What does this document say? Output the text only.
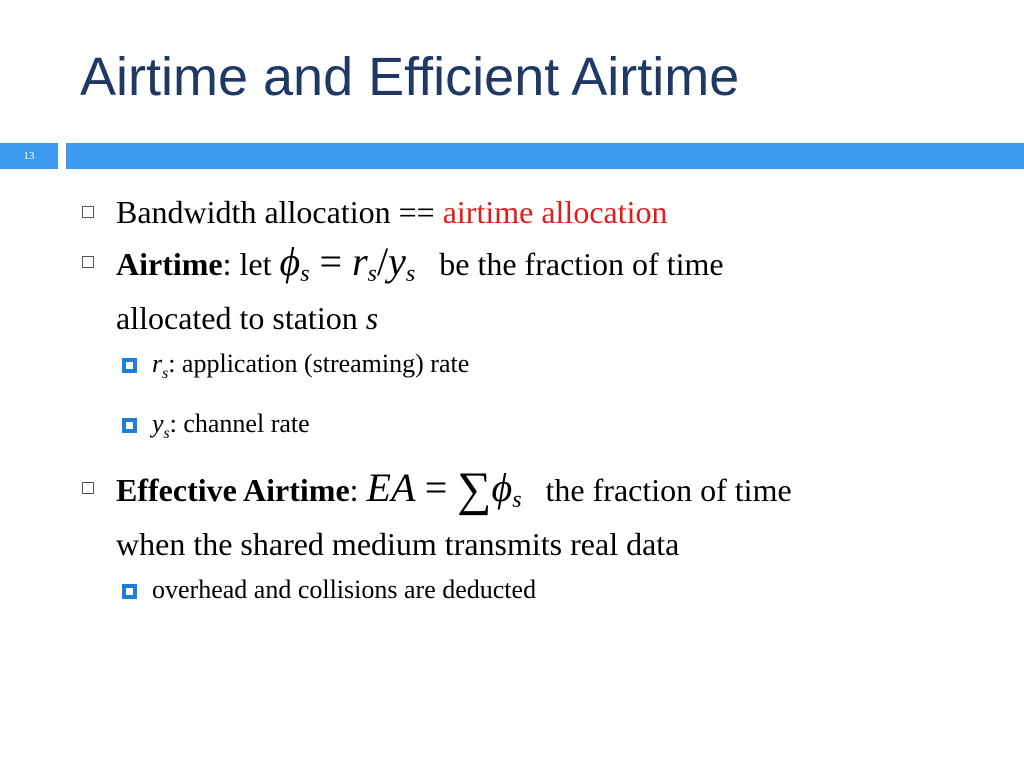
Airtime and Efficient Airtime
13
Bandwidth allocation == airtime allocation
Airtime: let $\phi_s = r_s/y_s$ be the fraction of time
allocated to station s
$r_s$: application (streaming) rate
$y_s$: channel rate
Effective Airtime: EA = $\sum\phi_s$ the fraction of time
when the shared medium transmits real data
overhead and collisions are deducted
